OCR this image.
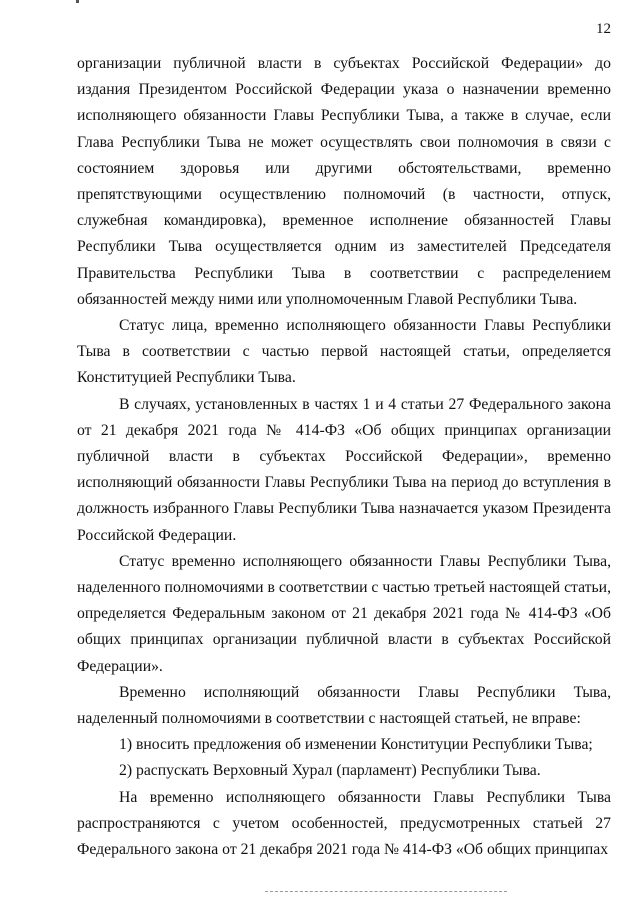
12

организации публичной власти в субъектах Российской Федерации» до издания Президентом Российской Федерации указа о назначении временно исполняющего обязанности Главы Республики Тыва, а также в случае, если Глава Республики Тыва не может осуществлять свои полномочия в связи с состоянием здоровья или другими обстоятельствами, временно препятствующими осуществлению полномочий (в частности, отпуск, служебная командировка), временное исполнение обязанностей Главы Республики Тыва осуществляется одним из заместителей Председателя Правительства Республики Тыва в соответствии с распределением обязанностей между ними или уполномоченным Главой Республики Тыва.

Статус лица, временно исполняющего обязанности Главы Республики Тыва в соответствии с частью первой настоящей статьи, определяется Конституцией Республики Тыва.

В случаях, установленных в частях 1 и 4 статьи 27 Федерального закона от 21 декабря 2021 года № 414-ФЗ «Об общих принципах организации публичной власти в субъектах Российской Федерации», временно исполняющий обязанности Главы Республики Тыва на период до вступления в должность избранного Главы Республики Тыва назначается указом Президента Российской Федерации.

Статус временно исполняющего обязанности Главы Республики Тыва, наделенного полномочиями в соответствии с частью третьей настоящей статьи, определяется Федеральным законом от 21 декабря 2021 года № 414-ФЗ «Об общих принципах организации публичной власти в субъектах Российской Федерации».

Временно исполняющий обязанности Главы Республики Тыва, наделенный полномочиями в соответствии с настоящей статьей, не вправе:

1) вносить предложения об изменении Конституции Республики Тыва;

2) распускать Верховный Хурал (парламент) Республики Тыва.

На временно исполняющего обязанности Главы Республики Тыва распространяются с учетом особенностей, предусмотренных статьей 27 Федерального закона от 21 декабря 2021 года № 414-ФЗ «Об общих принципах
